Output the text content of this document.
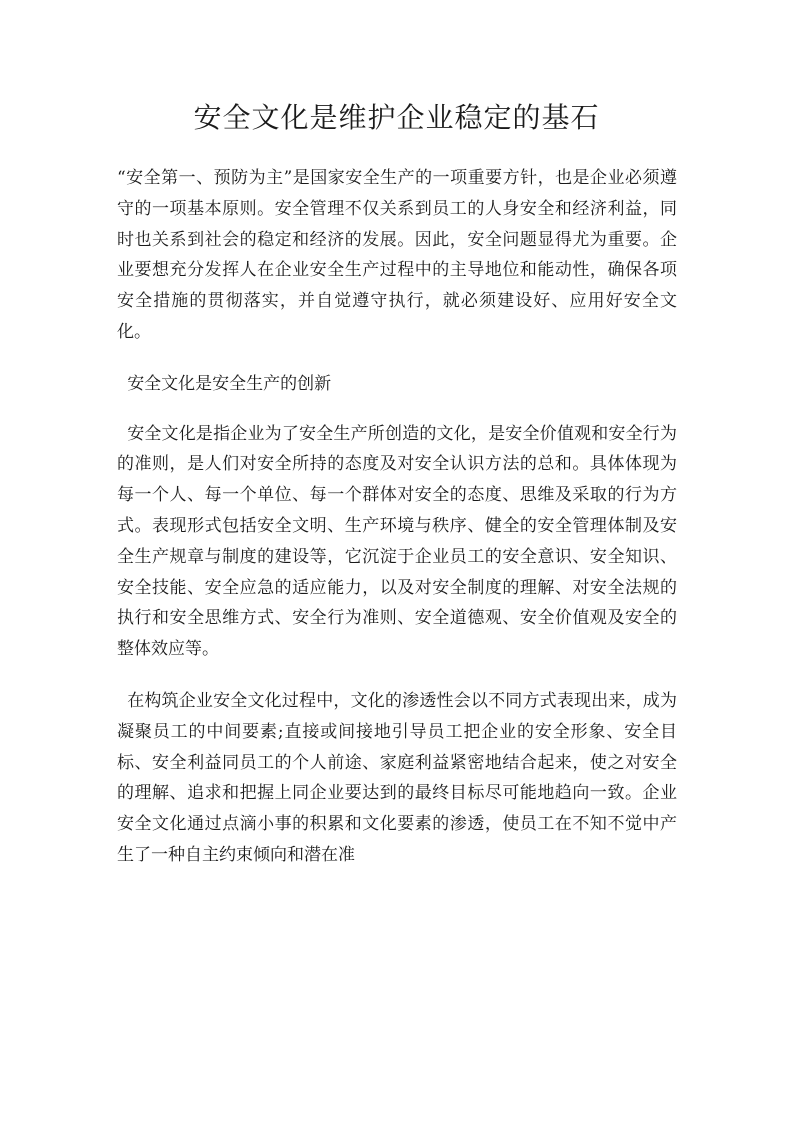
安全文化是维护企业稳定的基石

“安全第一、预防为主”是国家安全生产的一项重要方针，也是企业必须遵守的一项基本原则。安全管理不仅关系到员工的人身安全和经济利益，同时也关系到社会的稳定和经济的发展。因此，安全问题显得尤为重要。企业要想充分发挥人在企业安全生产过程中的主导地位和能动性，确保各项安全措施的贯彻落实，并自觉遵守执行，就必须建设好、应用好安全文化。

安全文化是安全生产的创新

安全文化是指企业为了安全生产所创造的文化，是安全价值观和安全行为的准则，是人们对安全所持的态度及对安全认识方法的总和。具体体现为每一个人、每一个单位、每一个群体对安全的态度、思维及采取的行为方式。表现形式包括安全文明、生产环境与秩序、健全的安全管理体制及安全生产规章与制度的建设等，它沉淀于企业员工的安全意识、安全知识、安全技能、安全应急的适应能力，以及对安全制度的理解、对安全法规的执行和安全思维方式、安全行为准则、安全道德观、安全价值观及安全的整体效应等。

在构筑企业安全文化过程中，文化的渗透性会以不同方式表现出来，成为凝聚员工的中间要素;直接或间接地引导员工把企业的安全形象、安全目标、安全利益同员工的个人前途、家庭利益紧密地结合起来，使之对安全的理解、追求和把握上同企业要达到的最终目标尽可能地趋向一致。企业安全文化通过点滴小事的积累和文化要素的渗透，使员工在不知不觉中产生了一种自主约束倾向和潜在准
